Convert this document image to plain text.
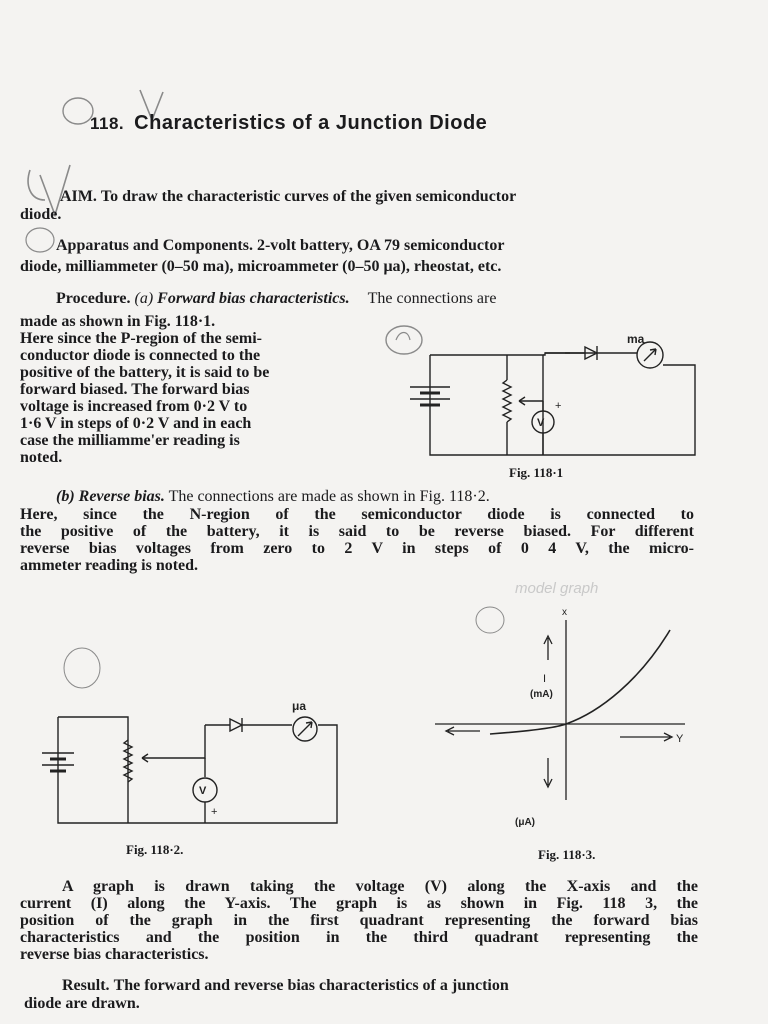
model graph
118. Characteristics of a Junction Diode
AIM. To draw the characteristic curves of the given semiconductor
diode.
Apparatus and Components. 2-volt battery, OA 79 semiconductor
diode, milliammeter (0–50 ma), microammeter (0–50 μa), rheostat, etc.
Procedure. (a) Forward bias characteristics. The connections are
made as shown in Fig. 118·1.
Here since the P-region of the semi-
conductor diode is connected to the
positive of the battery, it is said to be
forward biased. The forward bias
voltage is increased from 0·2 V to
1·6 V in steps of 0·2 V and in each
case the milliamme'er reading is
noted.
ma
V
+
Fig. 118·1
(b) Reverse bias. The connections are made as shown in Fig. 118·2.
Here, since the N-region of the semiconductor diode is connected to
the positive of the battery, it is said to be reverse biased. For different
reverse bias voltages from zero to 2 V in steps of 0 4 V, the micro-
ammeter reading is noted.
μa
V
+
Fig. 118·2.
x
I
(mA)
Y
(μA)
Fig. 118·3.
A graph is drawn taking the voltage (V) along the X-axis and the
current (I) along the Y-axis. The graph is as shown in Fig. 118 3, the
position of the graph in the first quadrant representing the forward bias
characteristics and the position in the third quadrant representing the
reverse bias characteristics.
Result. The forward and reverse bias characteristics of a junction
diode are drawn.
